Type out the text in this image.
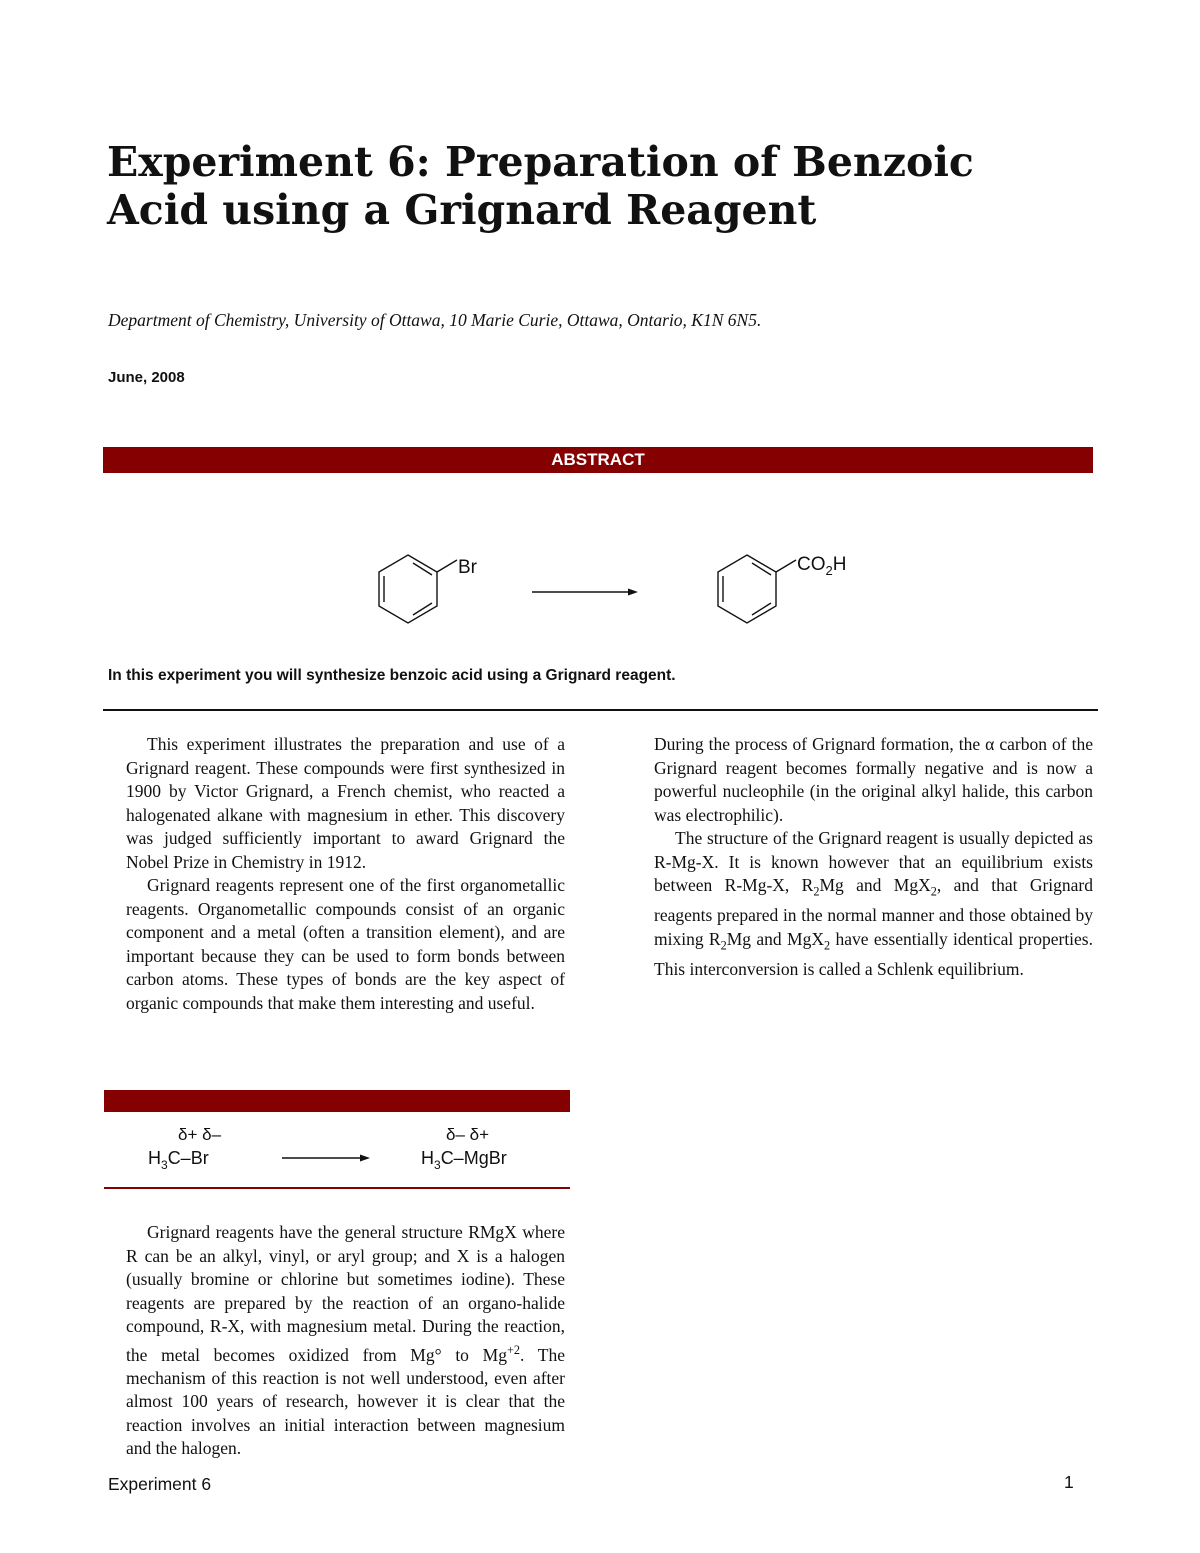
Experiment 6: Preparation of Benzoic Acid using a Grignard Reagent
Department of Chemistry, University of Ottawa, 10 Marie Curie, Ottawa, Ontario, K1N 6N5.
June, 2008
ABSTRACT
Br	$CO_2H$
In this experiment you will synthesize benzoic acid using a Grignard reagent.

This experiment illustrates the preparation and use of a Grignard reagent. These compounds were first synthesized in 1900 by Victor Grignard, a French chemist, who reacted a halogenated alkane with magnesium in ether. This discovery was judged sufficiently important to award Grignard the Nobel Prize in Chemistry in 1912.

Grignard reagents represent one of the first organometallic reagents. Organometallic compounds consist of an organic component and a metal (often a transition element), and are important because they can be used to form bonds between carbon atoms. These types of bonds are the key aspect of organic compounds that make them interesting and useful.

δ+ δ–
$H_3C-Br$
δ– δ+
$H_3C$–MgBr

Grignard reagents have the general structure RMgX where R can be an alkyl, vinyl, or aryl group; and X is a halogen (usually bromine or chlorine but sometimes iodine). These reagents are prepared by the reaction of an organo-halide compound, R-X, with magnesium metal. During the reaction, the metal becomes oxidized from Mg° to $Mg^{+2}$. The mechanism of this reaction is not well understood, even after almost 100 years of research, however it is clear that the reaction involves an initial interaction between magnesium and the halogen.

During the process of Grignard formation, the α carbon of the Grignard reagent becomes formally negative and is now a powerful nucleophile (in the original alkyl halide, this carbon was electrophilic).

The structure of the Grignard reagent is usually depicted as R-Mg-X. It is known however that an equilibrium exists between R-Mg-X, $R_2Mg$ and MgX$_2$, and that Grignard reagents prepared in the normal manner and those obtained by mixing $R_2Mg$ and MgX$_2$ have essentially identical properties. This interconversion is called a Schlenk equilibrium.

Experiment 6	1
